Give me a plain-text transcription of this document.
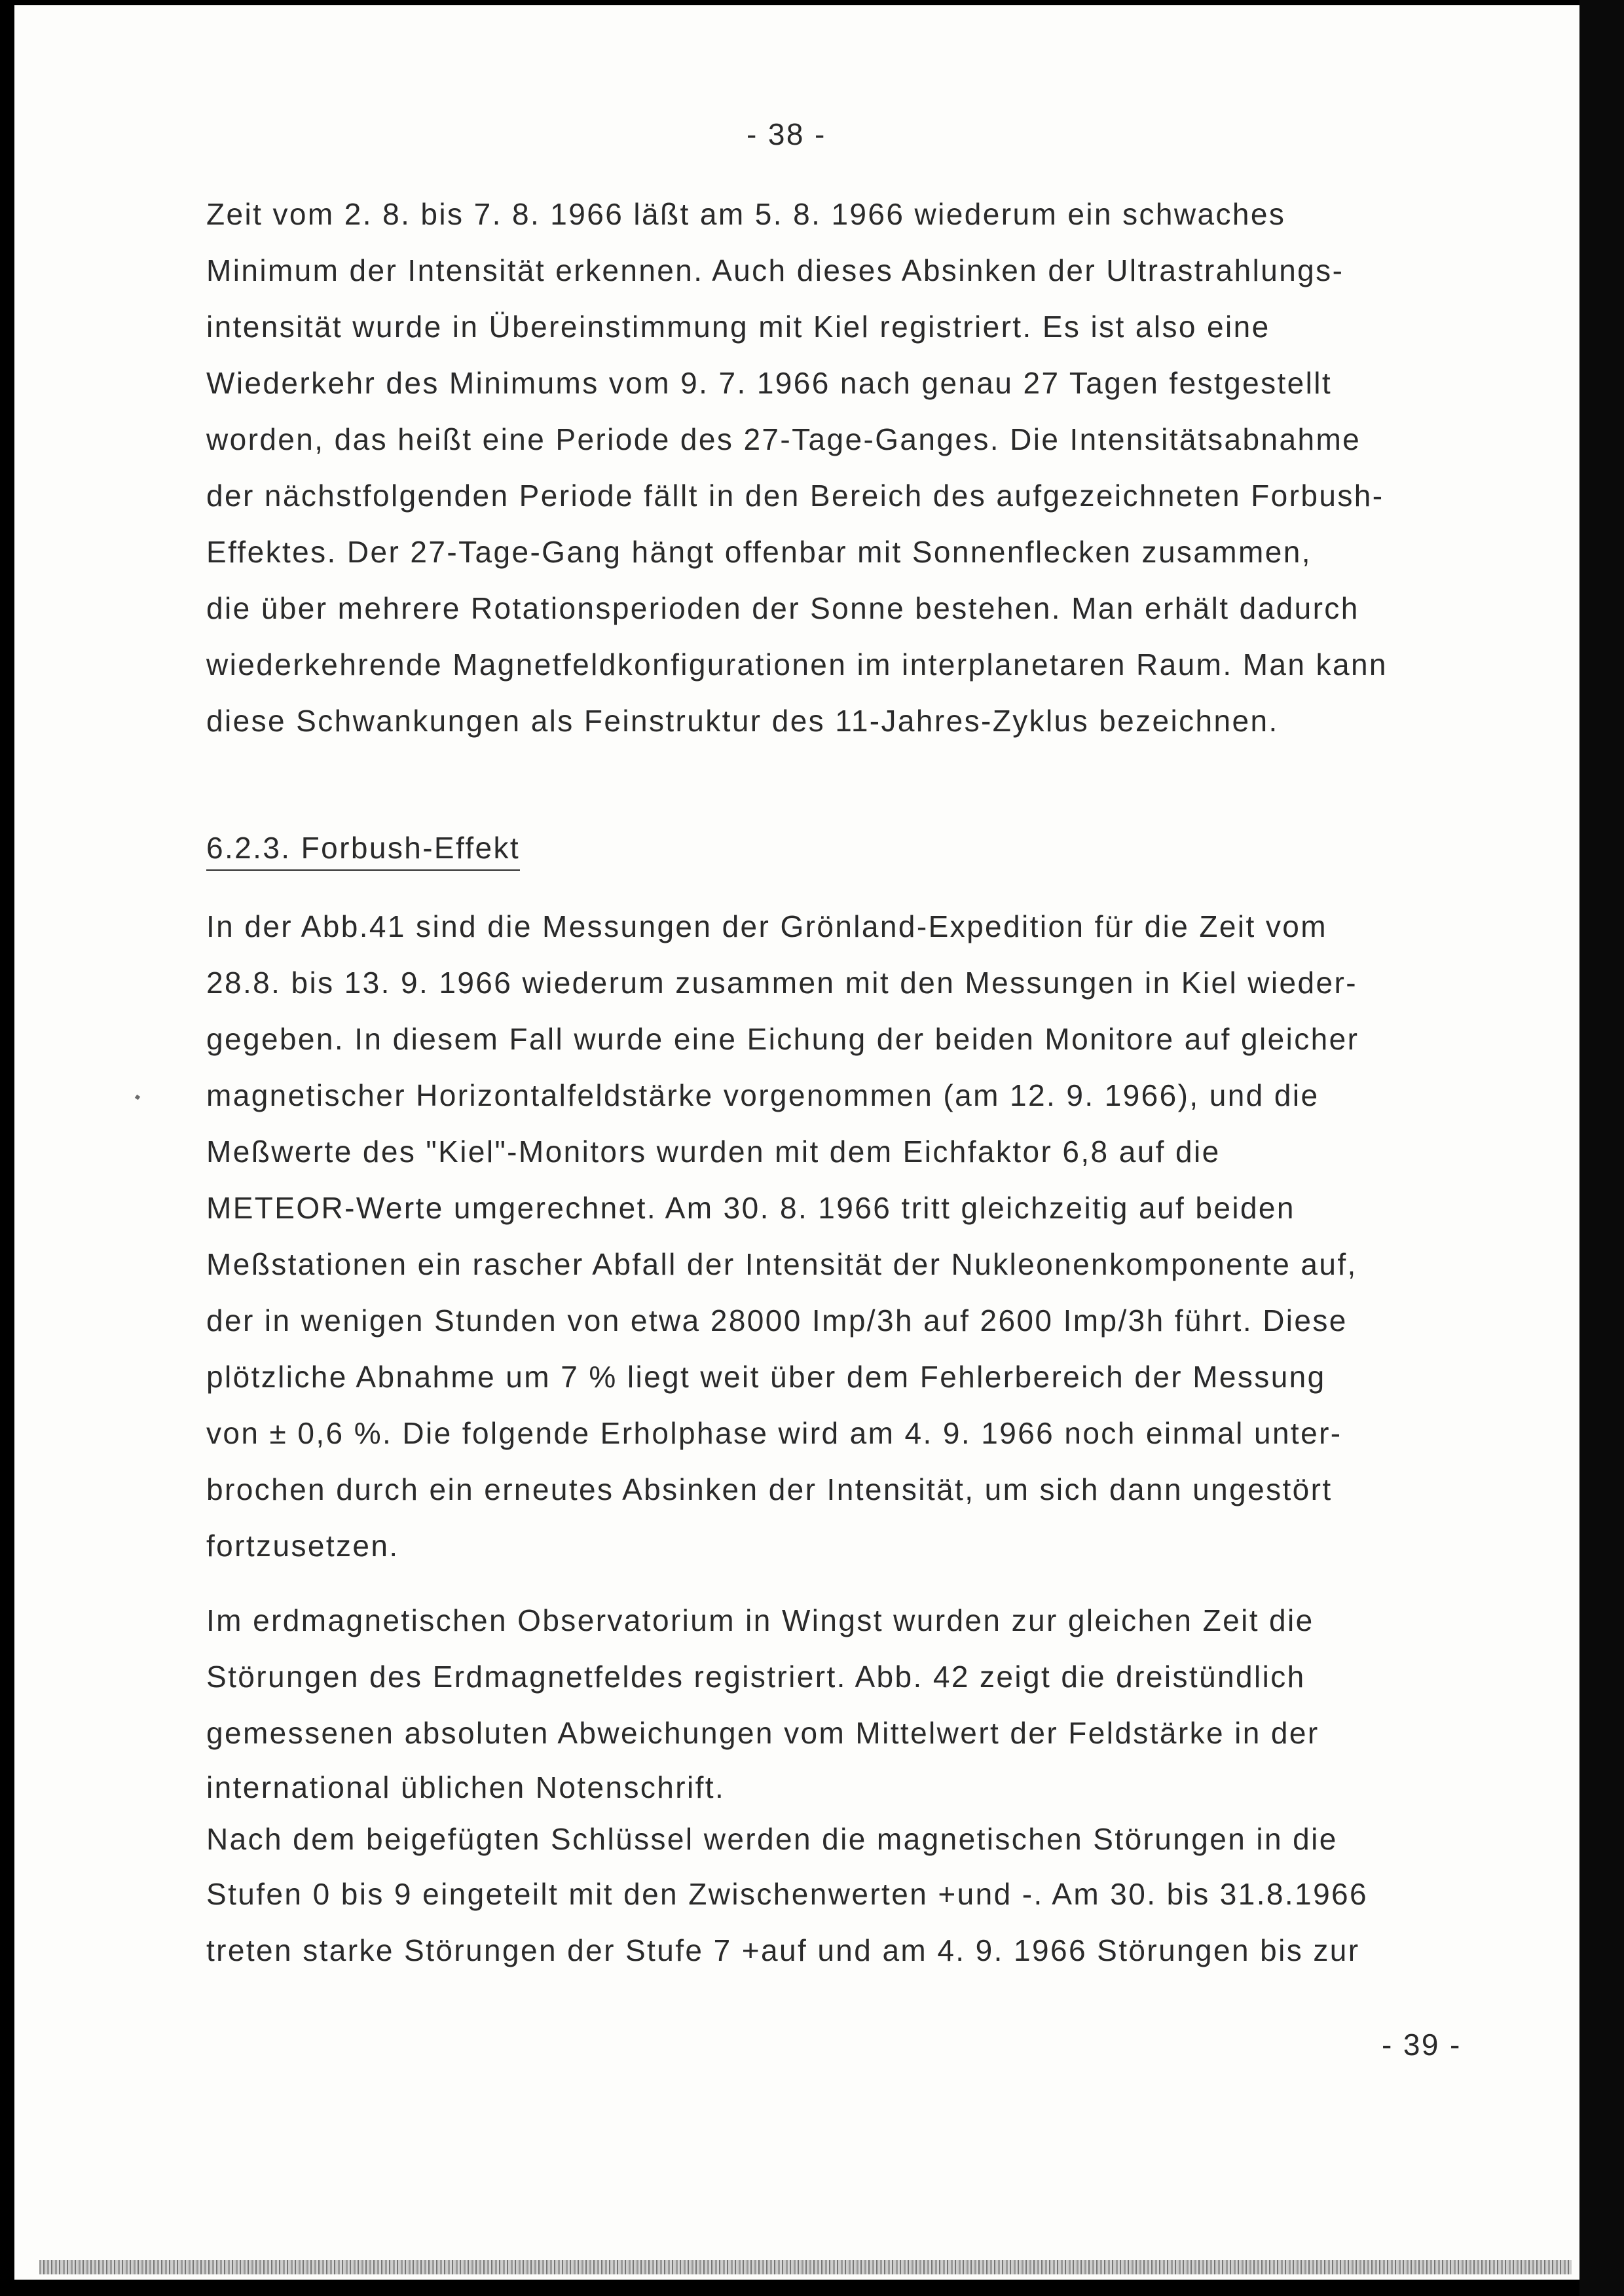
- 38 -
Zeit vom 2. 8. bis 7. 8. 1966 läßt am 5. 8. 1966 wiederum ein schwaches
Minimum der Intensität erkennen. Auch dieses Absinken der Ultrastrahlungs-
intensität wurde in Übereinstimmung mit Kiel registriert. Es ist also eine
Wiederkehr des Minimums vom 9. 7. 1966 nach genau 27 Tagen festgestellt
worden, das heißt eine Periode des 27-Tage-Ganges. Die Intensitätsabnahme
der nächstfolgenden Periode fällt in den Bereich des aufgezeichneten Forbush-
Effektes. Der 27-Tage-Gang hängt offenbar mit Sonnenflecken zusammen,
die über mehrere Rotationsperioden der Sonne bestehen. Man erhält dadurch
wiederkehrende Magnetfeldkonfigurationen im interplanetaren Raum. Man kann
diese Schwankungen als Feinstruktur des 11-Jahres-Zyklus bezeichnen.
6.2.3. Forbush-Effekt
In der Abb.41 sind die Messungen der Grönland-Expedition für die Zeit vom
28.8. bis 13. 9. 1966 wiederum zusammen mit den Messungen in Kiel wieder-
gegeben. In diesem Fall wurde eine Eichung der beiden Monitore auf gleicher
magnetischer Horizontalfeldstärke vorgenommen (am 12. 9. 1966), und die
Meßwerte des "Kiel"-Monitors wurden mit dem Eichfaktor 6,8 auf die
METEOR-Werte umgerechnet. Am 30. 8. 1966 tritt gleichzeitig auf beiden
Meßstationen ein rascher Abfall der Intensität der Nukleonenkomponente auf,
der in wenigen Stunden von etwa 28000 Imp/3h auf 2600 Imp/3h führt. Diese
plötzliche Abnahme um 7 % liegt weit über dem Fehlerbereich der Messung
von ± 0,6 %. Die folgende Erholphase wird am 4. 9. 1966 noch einmal unter-
brochen durch ein erneutes Absinken der Intensität, um sich dann ungestört
fortzusetzen.
Im erdmagnetischen Observatorium in Wingst wurden zur gleichen Zeit die
Störungen des Erdmagnetfeldes registriert. Abb. 42 zeigt die dreistündlich
gemessenen absoluten Abweichungen vom Mittelwert der Feldstärke in der
international üblichen Notenschrift.
Nach dem beigefügten Schlüssel werden die magnetischen Störungen in die
Stufen 0 bis 9 eingeteilt mit den Zwischenwerten +und -. Am 30. bis 31.8.1966
treten starke Störungen der Stufe 7 +auf und am 4. 9. 1966 Störungen bis zur
- 39 -
